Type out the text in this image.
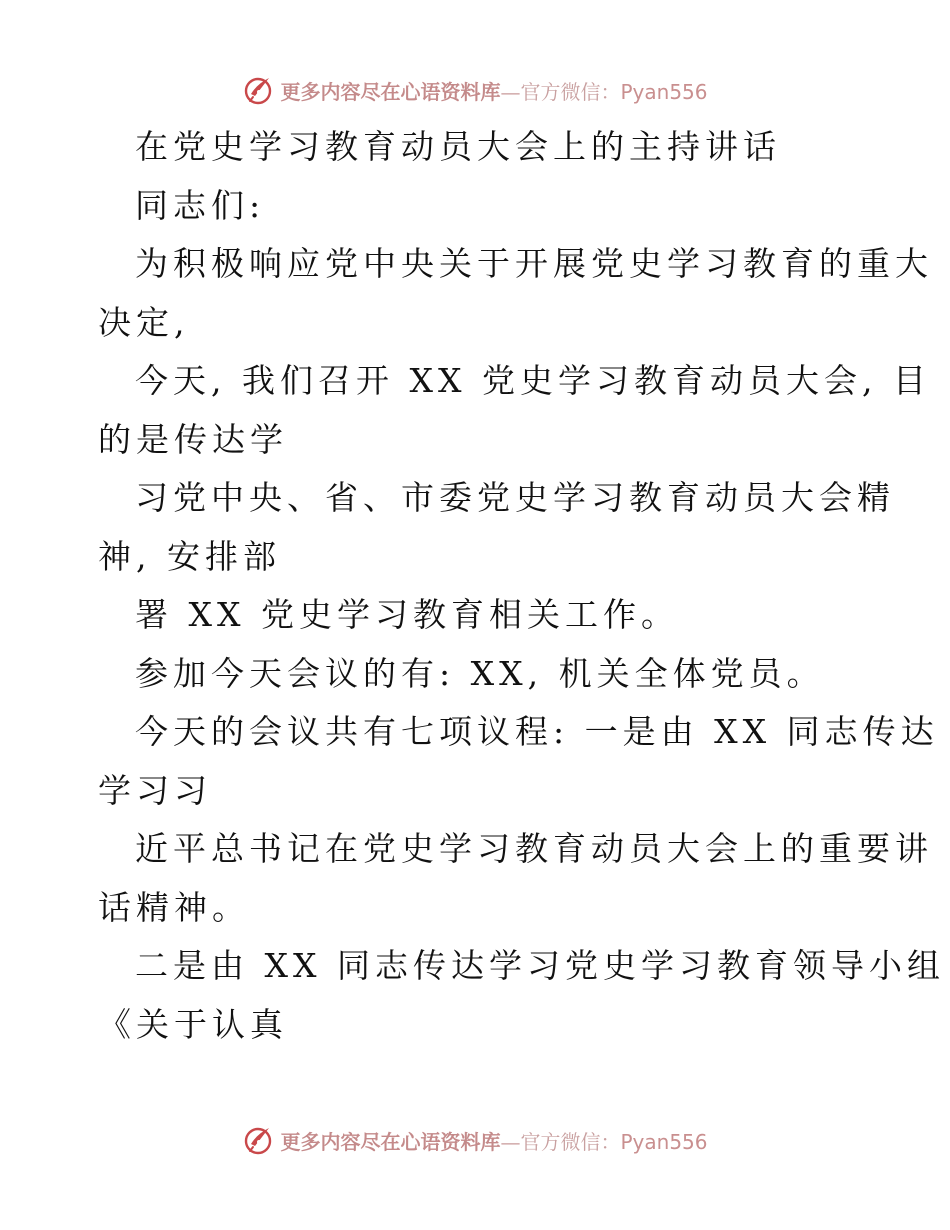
更多内容尽在心语资料库—官方微信：Pyan556
在党史学习教育动员大会上的主持讲话
同志们:
为积极响应党中央关于开展党史学习教育的重大
决定,
今天, 我们召开 XX 党史学习教育动员大会, 目
的是传达学
习党中央、省、市委党史学习教育动员大会精
神, 安排部
署 XX 党史学习教育相关工作。
参加今天会议的有: XX, 机关全体党员。
今天的会议共有七项议程: 一是由 XX 同志传达
学习习
近平总书记在党史学习教育动员大会上的重要讲
话精神。
二是由 XX 同志传达学习党史学习教育领导小组
《关于认真
更多内容尽在心语资料库—官方微信：Pyan556
